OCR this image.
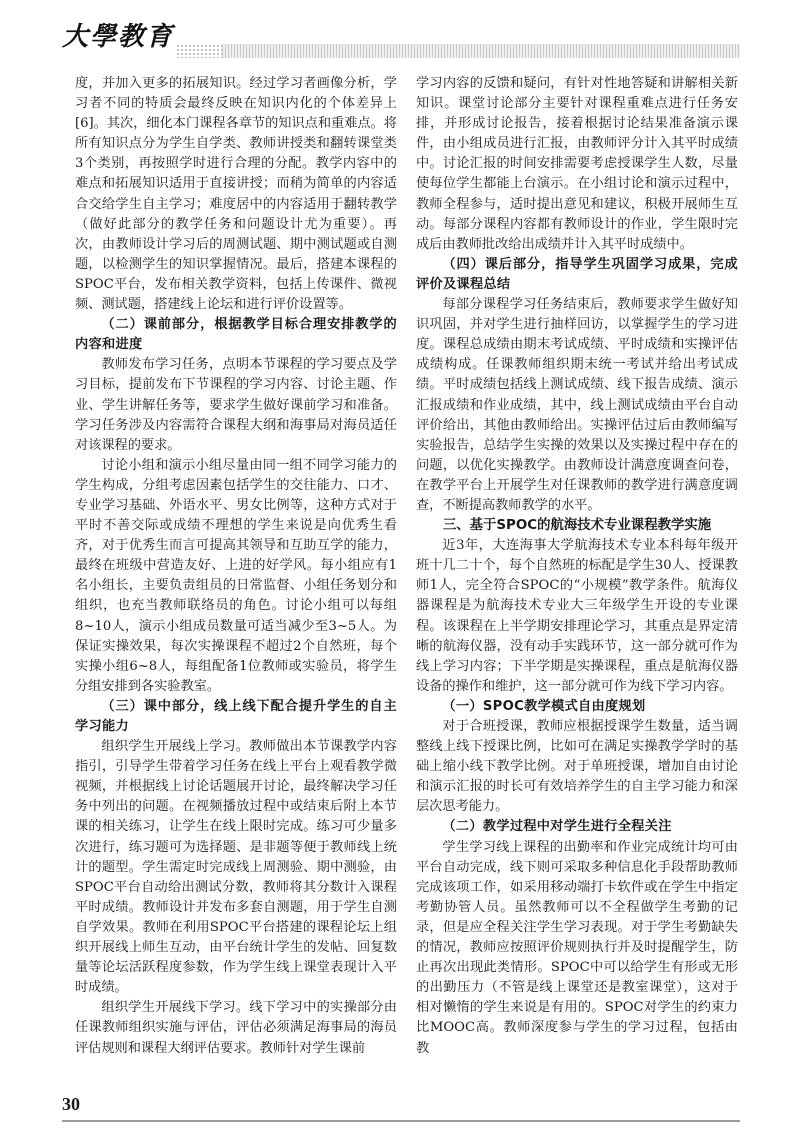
大學教育

度，并加入更多的拓展知识。经过学习者画像分析，学习者不同的特质会最终反映在知识内化的个体差异上[6]。其次，细化本门课程各章节的知识点和重难点。将所有知识点分为学生自学类、教师讲授类和翻转课堂类3个类别，再按照学时进行合理的分配。教学内容中的难点和拓展知识适用于直接讲授；而稍为简单的内容适合交给学生自主学习；难度居中的内容适用于翻转教学（做好此部分的教学任务和问题设计尤为重要）。再次，由教师设计学习后的周测试题、期中测试题或自测题，以检测学生的知识掌握情况。最后，搭建本课程的SPOC平台，发布相关教学资料，包括上传课件、微视频、测试题，搭建线上论坛和进行评价设置等。

（二）课前部分，根据教学目标合理安排教学的内容和进度

教师发布学习任务，点明本节课程的学习要点及学习目标，提前发布下节课程的学习内容、讨论主题、作业、学生讲解任务等，要求学生做好课前学习和准备。学习任务涉及内容需符合课程大纲和海事局对海员适任对该课程的要求。

讨论小组和演示小组尽量由同一组不同学习能力的学生构成，分组考虑因素包括学生的交往能力、口才、专业学习基础、外语水平、男女比例等，这种方式对于平时不善交际或成绩不理想的学生来说是向优秀生看齐，对于优秀生而言可提高其领导和互助互学的能力，最终在班级中营造友好、上进的好学风。每小组应有1名小组长，主要负责组员的日常监督、小组任务划分和组织，也充当教师联络员的角色。讨论小组可以每组8~10人，演示小组成员数量可适当减少至3~5人。为保证实操效果，每次实操课程不超过2个自然班，每个实操小组6~8人，每组配备1位教师或实验员，将学生分组安排到各实验教室。

（三）课中部分，线上线下配合提升学生的自主学习能力

组织学生开展线上学习。教师做出本节课教学内容指引，引导学生带着学习任务在线上平台上观看教学微视频，并根据线上讨论话题展开讨论，最终解决学习任务中列出的问题。在视频播放过程中或结束后附上本节课的相关练习，让学生在线上限时完成。练习可少量多次进行，练习题可为选择题、是非题等便于教师线上统计的题型。学生需定时完成线上周测验、期中测验，由SPOC平台自动给出测试分数，教师将其分数计入课程平时成绩。教师设计并发布多套自测题，用于学生自测自学效果。教师在利用SPOC平台搭建的课程论坛上组织开展线上师生互动，由平台统计学生的发帖、回复数量等论坛活跃程度参数，作为学生线上课堂表现计入平时成绩。

组织学生开展线下学习。线下学习中的实操部分由任课教师组织实施与评估，评估必须满足海事局的海员评估规则和课程大纲评估要求。教师针对学生课前

学习内容的反馈和疑问，有针对性地答疑和讲解相关新知识。课堂讨论部分主要针对课程重难点进行任务安排，并形成讨论报告，接着根据讨论结果准备演示课件，由小组成员进行汇报，由教师评分计入其平时成绩中。讨论汇报的时间安排需要考虑授课学生人数，尽量使每位学生都能上台演示。在小组讨论和演示过程中，教师全程参与，适时提出意见和建议，积极开展师生互动。每部分课程内容都有教师设计的作业，学生限时完成后由教师批改给出成绩并计入其平时成绩中。

（四）课后部分，指导学生巩固学习成果，完成评价及课程总结

每部分课程学习任务结束后，教师要求学生做好知识巩固，并对学生进行抽样回访，以掌握学生的学习进度。课程总成绩由期末考试成绩、平时成绩和实操评估成绩构成。任课教师组织期末统一考试并给出考试成绩。平时成绩包括线上测试成绩、线下报告成绩、演示汇报成绩和作业成绩，其中，线上测试成绩由平台自动评价给出，其他由教师给出。实操评估过后由教师编写实验报告，总结学生实操的效果以及实操过程中存在的问题，以优化实操教学。由教师设计满意度调查问卷，在教学平台上开展学生对任课教师的教学进行满意度调查，不断提高教师教学的水平。

三、基于SPOC的航海技术专业课程教学实施

近3年，大连海事大学航海技术专业本科每年级开班十几二十个，每个自然班的标配是学生30人、授课教师1人，完全符合SPOC的“小规模”教学条件。航海仪器课程是为航海技术专业大三年级学生开设的专业课程。该课程在上半学期安排理论学习，其重点是界定清晰的航海仪器，没有动手实践环节，这一部分就可作为线上学习内容；下半学期是实操课程，重点是航海仪器设备的操作和维护，这一部分就可作为线下学习内容。

（一）SPOC教学模式自由度规划

对于合班授课，教师应根据授课学生数量，适当调整线上线下授课比例，比如可在满足实操教学学时的基础上缩小线下教学比例。对于单班授课，增加自由讨论和演示汇报的时长可有效培养学生的自主学习能力和深层次思考能力。

（二）教学过程中对学生进行全程关注

学生学习线上课程的出勤率和作业完成统计均可由平台自动完成，线下则可采取多种信息化手段帮助教师完成该项工作，如采用移动端打卡软件或在学生中指定考勤协管人员。虽然教师可以不全程做学生考勤的记录，但是应全程关注学生学习表现。对于学生考勤缺失的情况，教师应按照评价规则执行并及时提醒学生，防止再次出现此类情形。SPOC中可以给学生有形或无形的出勤压力（不管是线上课堂还是教室课堂），这对于相对懒惰的学生来说是有用的。SPOC对学生的约束力比MOOC高。教师深度参与学生的学习过程，包括由教

30
